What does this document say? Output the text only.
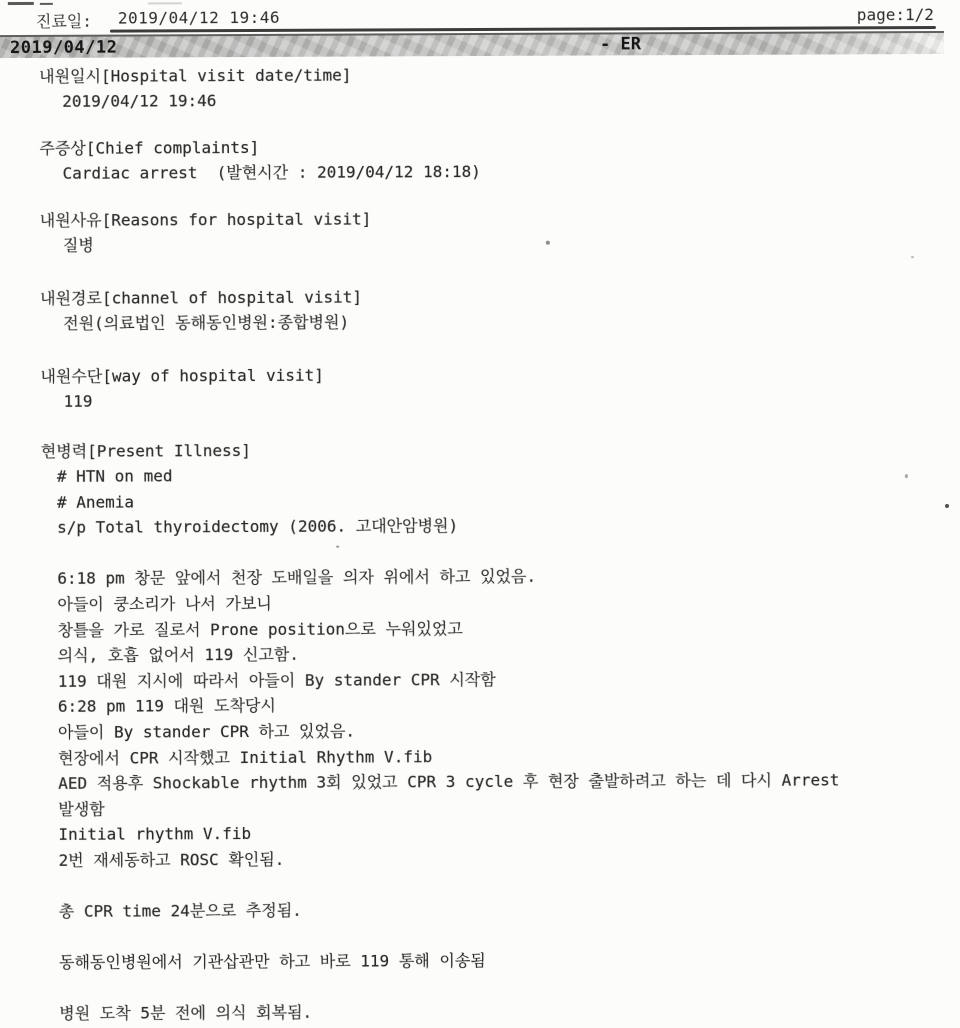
진료일: 2019/04/12 19:46	page:1/2
2019/04/12	- ER
내원일시[Hospital visit date/time]
2019/04/12 19:46
주증상[Chief complaints]
Cardiac arrest  (발현시간 : 2019/04/12 18:18)
내원사유[Reasons for hospital visit]
질병
내원경로[channel of hospital visit]
전원(의료법인 동해동인병원:종합병원)
내원수단[way of hospital visit]
119
현병력[Present Illness]
# HTN on med
# Anemia
s/p Total thyroidectomy (2006. 고대안암병원)
6:18 pm 창문 앞에서 천장 도배일을 의자 위에서 하고 있었음.
아들이 쿵소리가 나서 가보니
창틀을 가로 질로서 Prone position으로 누워있었고
의식, 호흡 없어서 119 신고함.
119 대원 지시에 따라서 아들이 By stander CPR 시작함
6:28 pm 119 대원 도착당시
아들이 By stander CPR 하고 있었음.
현장에서 CPR 시작했고 Initial Rhythm V.fib
AED 적용후 Shockable rhythm 3회 있었고 CPR 3 cycle 후 현장 출발하려고 하는 데 다시 Arrest
발생함
Initial rhythm V.fib
2번 재세동하고 ROSC 확인됨.
총 CPR time 24분으로 추정됨.
동해동인병원에서 기관삽관만 하고 바로 119 통해 이송됨
병원 도착 5분 전에 의식 회복됨.
